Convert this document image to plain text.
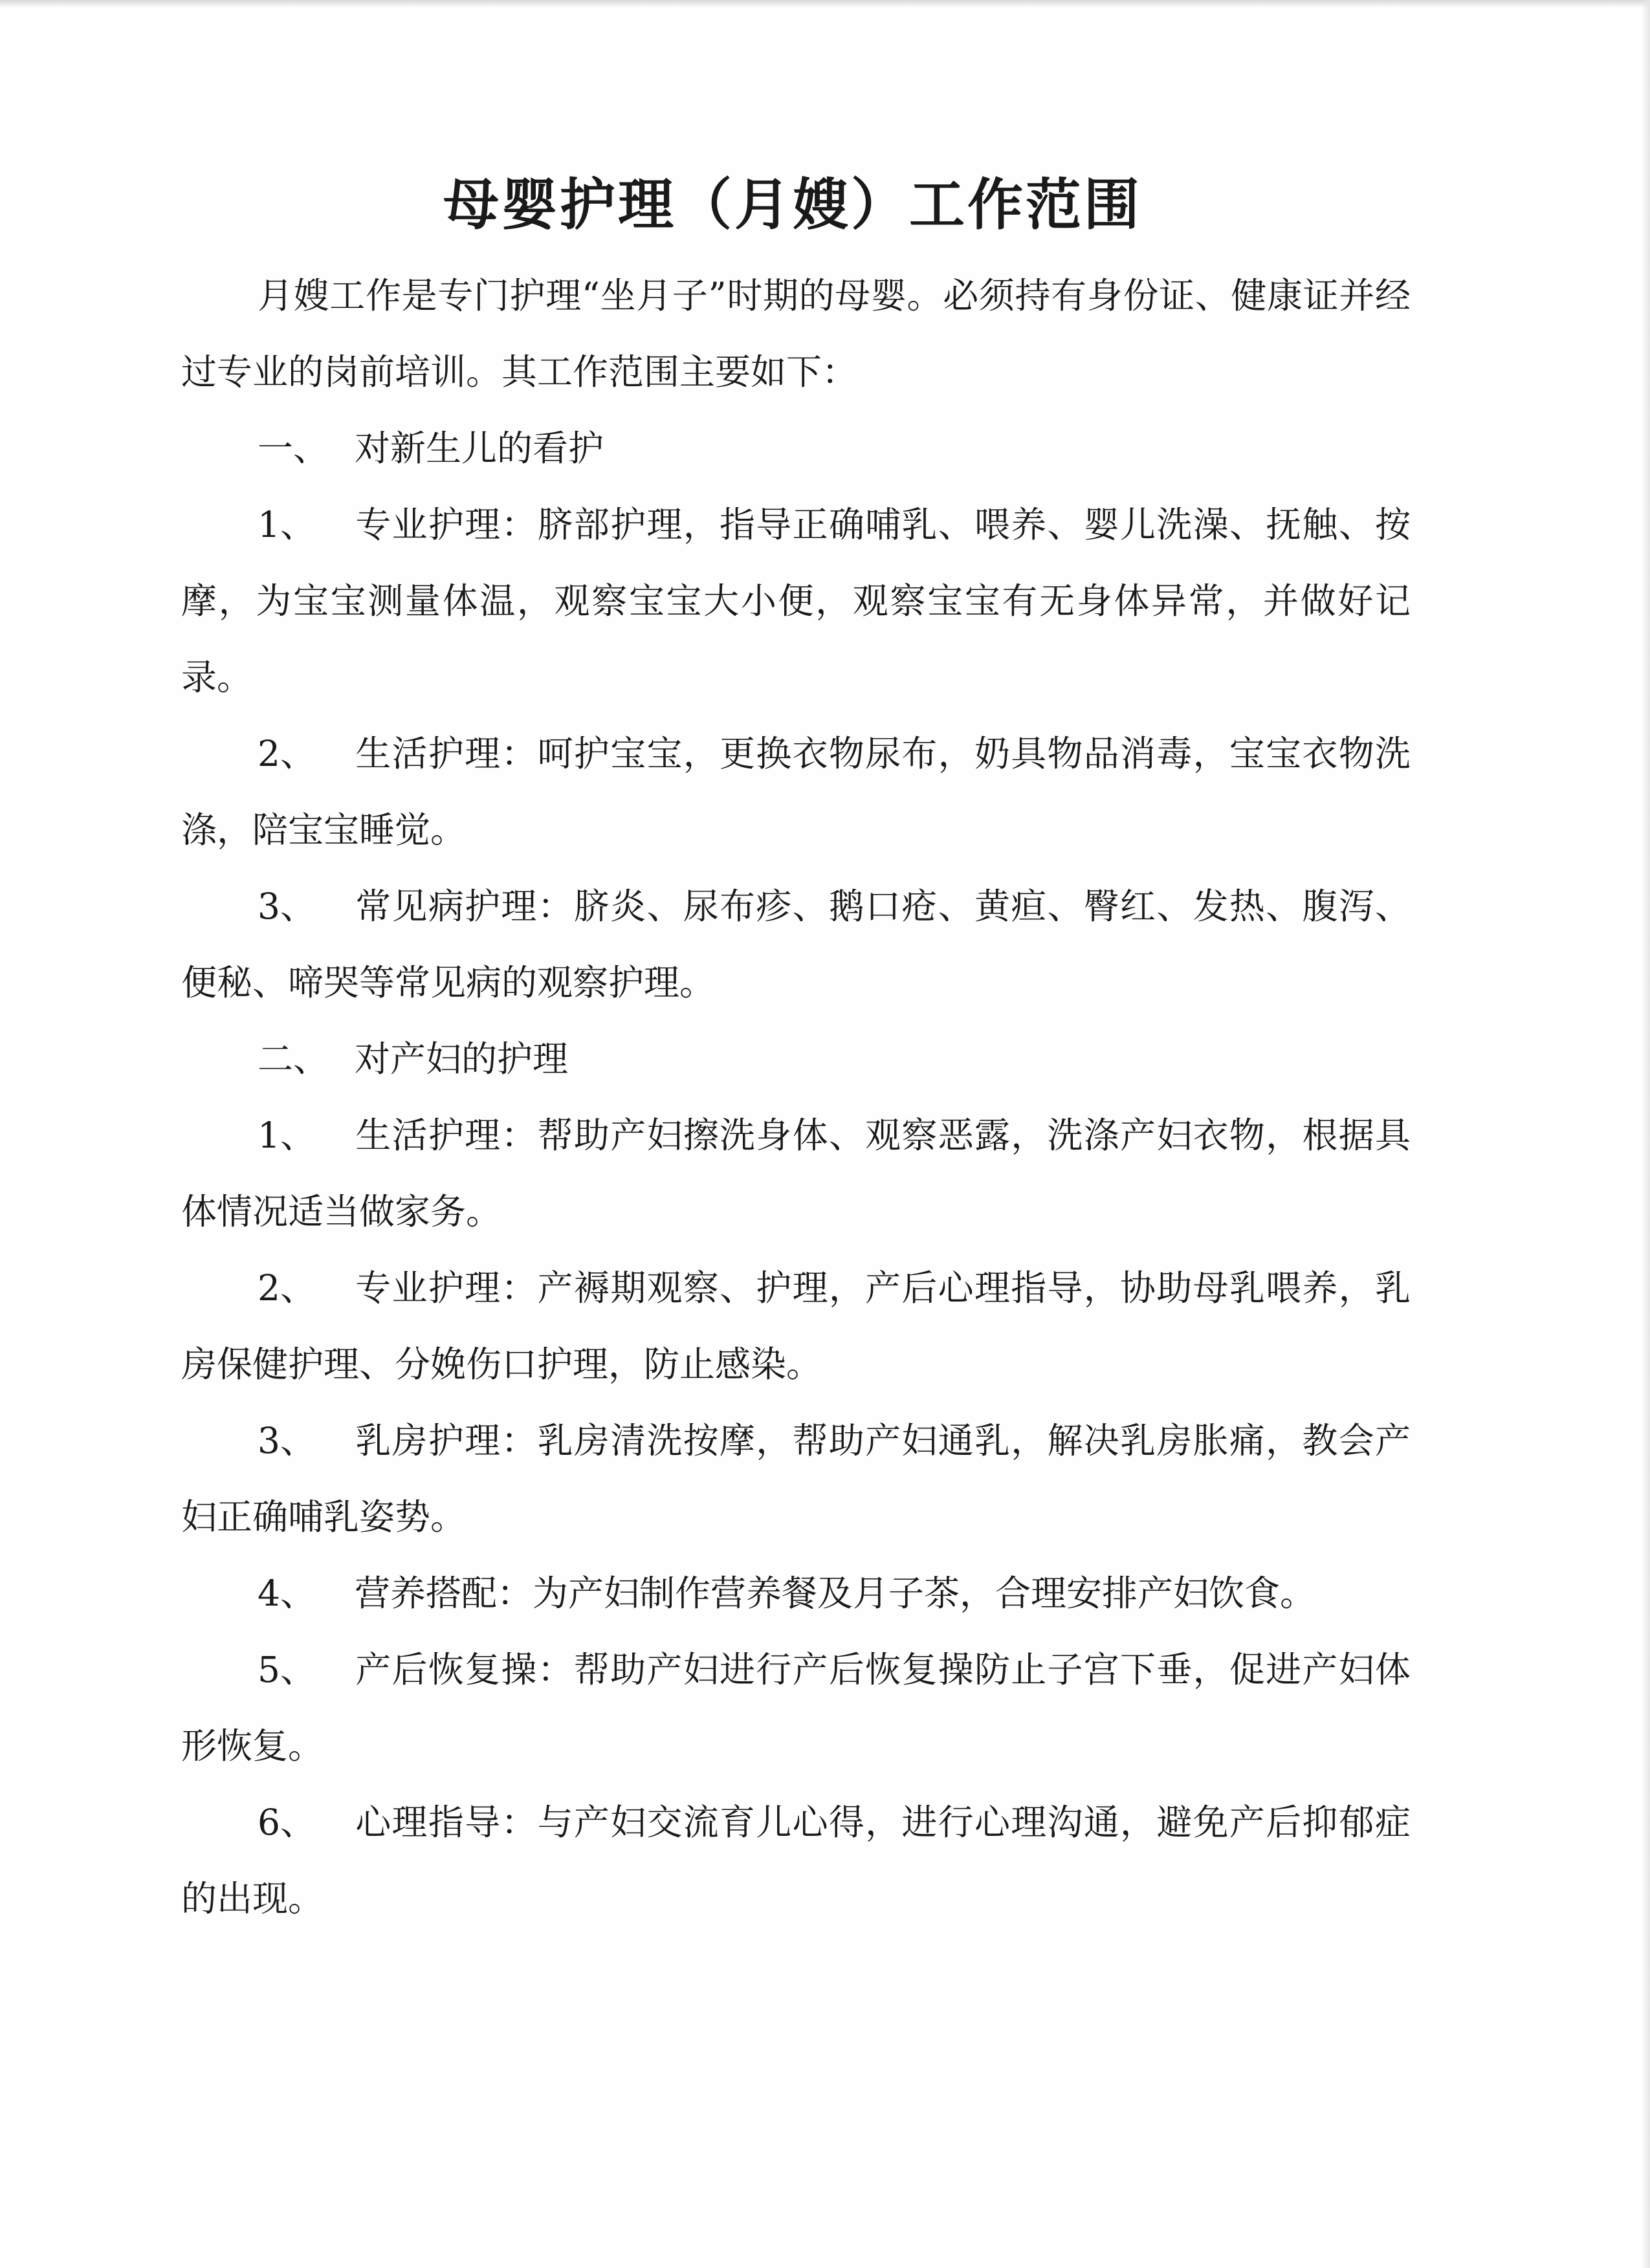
母婴护理（月嫂）工作范围

月嫂工作是专门护理“坐月子”时期的母婴。必须持有身份证、健康证并经过专业的岗前培训。其工作范围主要如下：

一、 对新生儿的看护

1、 专业护理：脐部护理，指导正确哺乳、喂养、婴儿洗澡、抚触、按摩，为宝宝测量体温，观察宝宝大小便，观察宝宝有无身体异常，并做好记录。

2、 生活护理：呵护宝宝，更换衣物尿布，奶具物品消毒，宝宝衣物洗涤，陪宝宝睡觉。

3、 常见病护理：脐炎、尿布疹、鹅口疮、黄疸、臀红、发热、腹泻、便秘、啼哭等常见病的观察护理。

二、 对产妇的护理

1、 生活护理：帮助产妇擦洗身体、观察恶露，洗涤产妇衣物，根据具体情况适当做家务。

2、 专业护理：产褥期观察、护理，产后心理指导，协助母乳喂养，乳房保健护理、分娩伤口护理，防止感染。

3、 乳房护理：乳房清洗按摩，帮助产妇通乳，解决乳房胀痛，教会产妇正确哺乳姿势。

4、 营养搭配：为产妇制作营养餐及月子茶，合理安排产妇饮食。

5、 产后恢复操：帮助产妇进行产后恢复操防止子宫下垂，促进产妇体形恢复。

6、 心理指导：与产妇交流育儿心得，进行心理沟通，避免产后抑郁症的出现。
